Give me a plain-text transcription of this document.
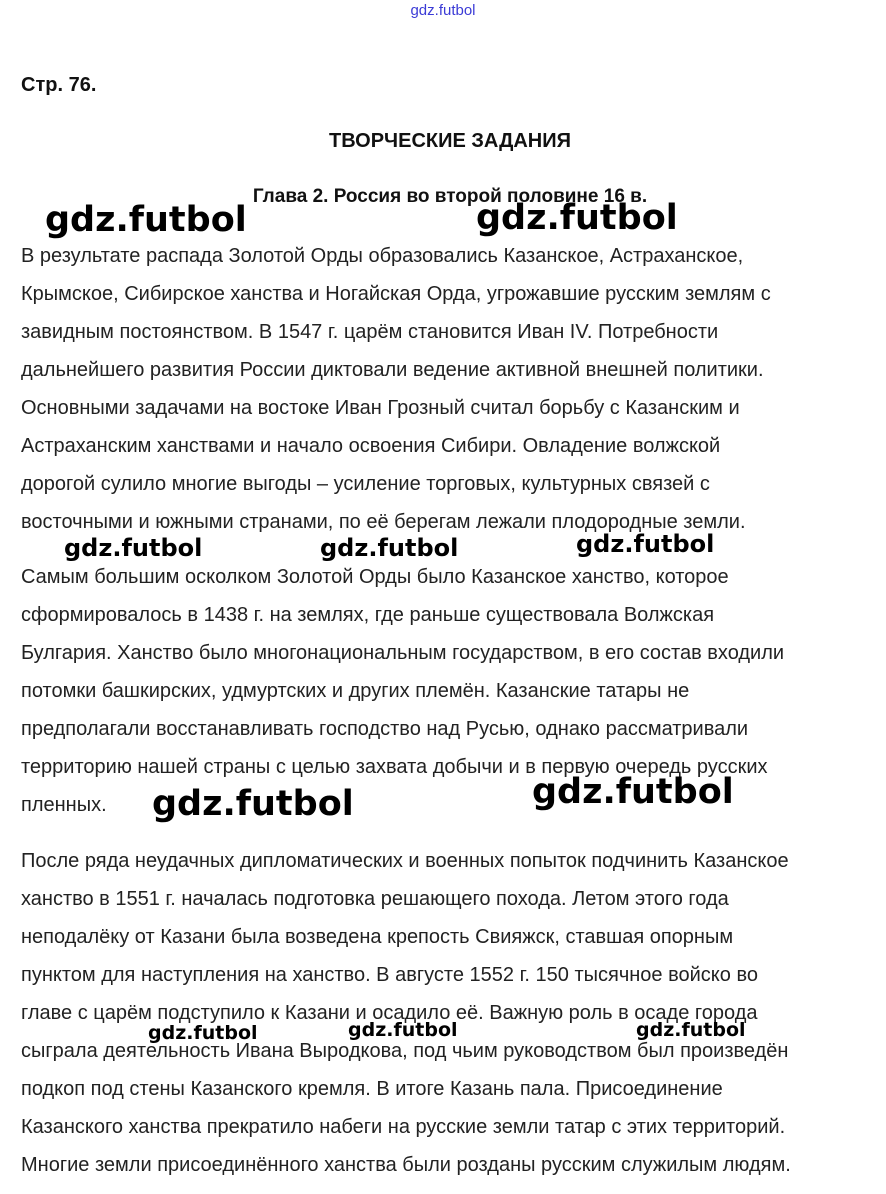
gdz.futbol
Стр. 76.
ТВОРЧЕСКИЕ ЗАДАНИЯ
Глава 2. Россия во второй половине 16 в.
В результате распада Золотой Орды образовались Казанское, Астраханское,
Крымское, Сибирское ханства и Ногайская Орда, угрожавшие русским землям с
завидным постоянством. В 1547 г. царём становится Иван IV. Потребности
дальнейшего развития России диктовали ведение активной внешней политики.
Основными задачами на востоке Иван Грозный считал борьбу с Казанским и
Астраханским ханствами и начало освоения Сибири. Овладение волжской
дорогой сулило многие выгоды – усиление торговых, культурных связей с
восточными и южными странами, по её берегам лежали плодородные земли.
Самым большим осколком Золотой Орды было Казанское ханство, которое
сформировалось в 1438 г. на землях, где раньше существовала Волжская
Булгария. Ханство было многонациональным государством, в его состав входили
потомки башкирских, удмуртских и других племён. Казанские татары не
предполагали восстанавливать господство над Русью, однако рассматривали
территорию нашей страны с целью захвата добычи и в первую очередь русских
пленных.
После ряда неудачных дипломатических и военных попыток подчинить Казанское
ханство в 1551 г. началась подготовка решающего похода. Летом этого года
неподалёку от Казани была возведена крепость Свияжск, ставшая опорным
пунктом для наступления на ханство. В августе 1552 г. 150 тысячное войско во
главе с царём подступило к Казани и осадило её. Важную роль в осаде города
сыграла деятельность Ивана Выродкова, под чьим руководством был произведён
подкоп под стены Казанского кремля. В итоге Казань пала. Присоединение
Казанского ханства прекратило набеги на русские земли татар с этих территорий.
Многие земли присоединённого ханства были розданы русским служилым людям.
gdz.futbol	gdz.futbol
gdz.futbol	gdz.futbol	gdz.futbol
gdz.futbol	gdz.futbol
gdz.futbol	gdz.futbol	gdz.futbol
